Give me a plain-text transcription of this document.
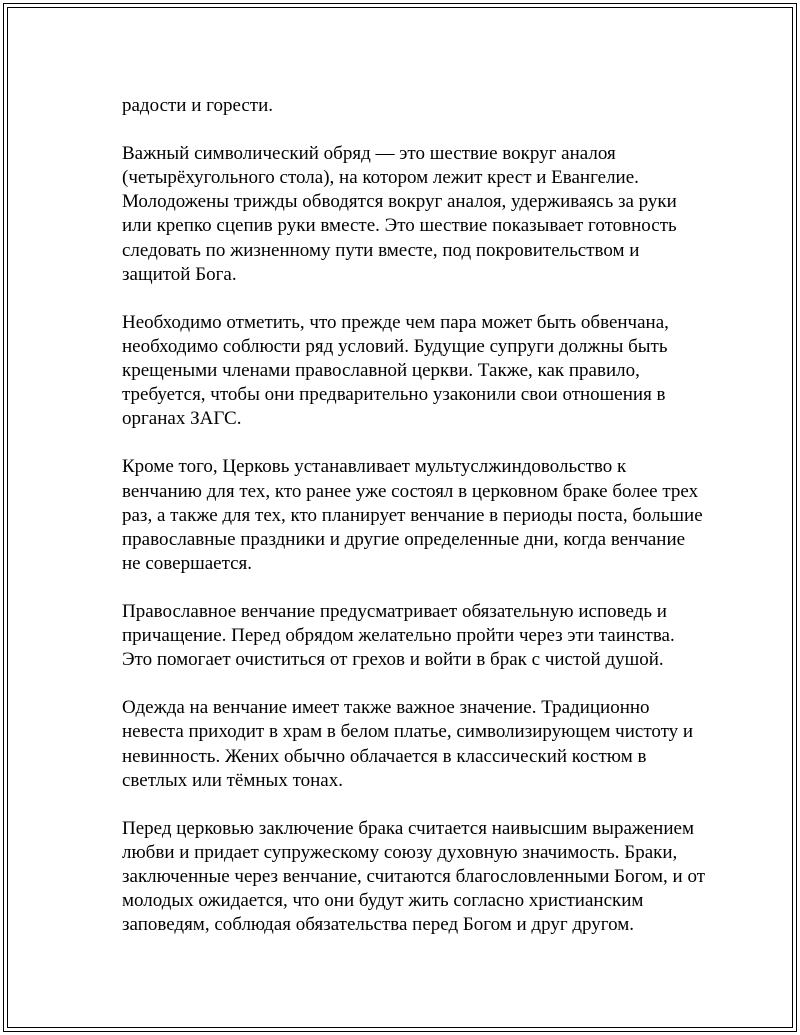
радости и горести.

Важный символический обряд — это шествие вокруг аналоя
(четырёхугольного стола), на котором лежит крест и Евангелие.
Молодожены трижды обводятся вокруг аналоя, удерживаясь за руки
или крепко сцепив руки вместе. Это шествие показывает готовность
следовать по жизненному пути вместе, под покровительством и
защитой Бога.

Необходимо отметить, что прежде чем пара может быть обвенчана,
необходимо соблюсти ряд условий. Будущие супруги должны быть
крещеными членами православной церкви. Также, как правило,
требуется, чтобы они предварительно узаконили свои отношения в
органах ЗАГС.

Кроме того, Церковь устанавливает мультуслжиндовольство к
венчанию для тех, кто ранее уже состоял в церковном браке более трех
раз, а также для тех, кто планирует венчание в периоды поста, большие
православные праздники и другие определенные дни, когда венчание
не совершается.

Православное венчание предусматривает обязательную исповедь и
причащение. Перед обрядом желательно пройти через эти таинства.
Это помогает очиститься от грехов и войти в брак с чистой душой.

Одежда на венчание имеет также важное значение. Традиционно
невеста приходит в храм в белом платье, символизирующем чистоту и
невинность. Жених обычно облачается в классический костюм в
светлых или тёмных тонах.

Перед церковью заключение брака считается наивысшим выражением
любви и придает супружескому союзу духовную значимость. Браки,
заключенные через венчание, считаются благословленными Богом, и от
молодых ожидается, что они будут жить согласно христианским
заповедям, соблюдая обязательства перед Богом и друг другом.
